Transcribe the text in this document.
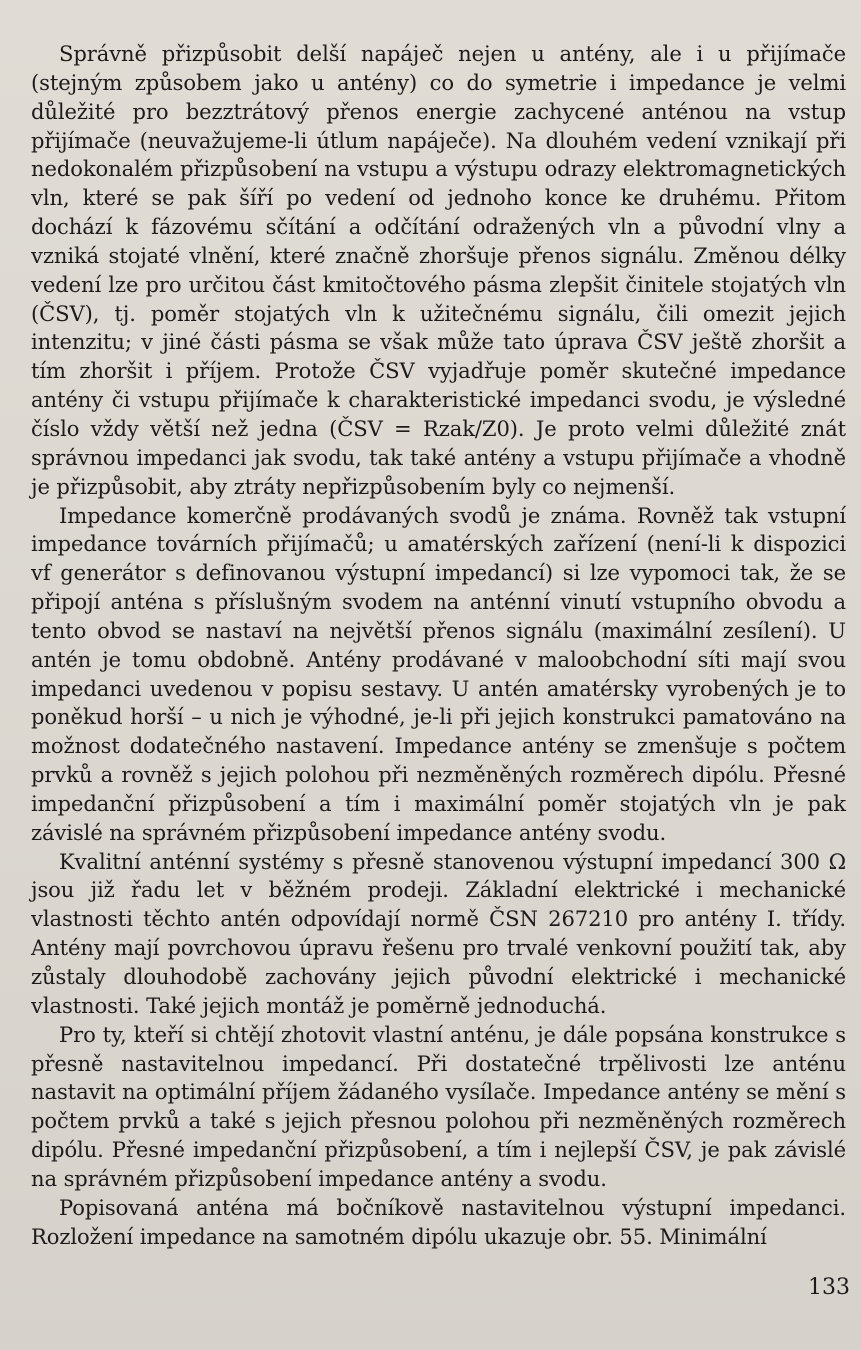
Správně přizpůsobit delší napáječ nejen u antény, ale i u přijímače (stejným způsobem jako u antény) co do symetrie i impedance je velmi důležité pro bezztrátový přenos energie zachycené anténou na vstup přijímače (neuvažujeme-li útlum napáječe). Na dlouhém vedení vznikají při nedokonalém přizpůsobení na vstupu a výstupu odrazy elektromagnetických vln, které se pak šíří po vedení od jednoho konce ke druhému. Přitom dochází k fázovému sčítání a odčítání odražených vln a původní vlny a vzniká stojaté vlnění, které značně zhoršuje přenos signálu. Změnou délky vedení lze pro určitou část kmitočtového pásma zlepšit činitele stojatých vln (ČSV), tj. poměr stojatých vln k užitečnému signálu, čili omezit jejich intenzitu; v jiné části pásma se však může tato úprava ČSV ještě zhoršit a tím zhoršit i příjem. Protože ČSV vyjadřuje poměr skutečné impedance antény či vstupu přijímače k charakteristické impedanci svodu, je výsledné číslo vždy větší než jedna (ČSV = Rzak/Z0). Je proto velmi důležité znát správnou impedanci jak svodu, tak také antény a vstupu přijímače a vhodně je přizpůsobit, aby ztráty nepřizpůsobením byly co nejmenší.

Impedance komerčně prodávaných svodů je známa. Rovněž tak vstupní impedance továrních přijímačů; u amatérských zařízení (není-li k dispozici vf generátor s definovanou výstupní impedancí) si lze vypomoci tak, že se připojí anténa s příslušným svodem na anténní vinutí vstupního obvodu a tento obvod se nastaví na největší přenos signálu (maximální zesílení). U antén je tomu obdobně. Antény prodávané v maloobchodní síti mají svou impedanci uvedenou v popisu sestavy. U antén amatérsky vyrobených je to poněkud horší – u nich je výhodné, je-li při jejich konstrukci pamatováno na možnost dodatečného nastavení. Impedance antény se zmenšuje s počtem prvků a rovněž s jejich polohou při nezměněných rozměrech dipólu. Přesné impedanční přizpůsobení a tím i maximální poměr stojatých vln je pak závislé na správném přizpůsobení impedance antény svodu.

Kvalitní anténní systémy s přesně stanovenou výstupní impedancí 300 Ω jsou již řadu let v běžném prodeji. Základní elektrické i mechanické vlastnosti těchto antén odpovídají normě ČSN 267210 pro antény I. třídy. Antény mají povrchovou úpravu řešenu pro trvalé venkovní použití tak, aby zůstaly dlouhodobě zachovány jejich původní elektrické i mechanické vlastnosti. Také jejich montáž je poměrně jednoduchá.

Pro ty, kteří si chtějí zhotovit vlastní anténu, je dále popsána konstrukce s přesně nastavitelnou impedancí. Při dostatečné trpělivosti lze anténu nastavit na optimální příjem žádaného vysílače. Impedance antény se mění s počtem prvků a také s jejich přesnou polohou při nezměněných rozměrech dipólu. Přesné impedanční přizpůsobení, a tím i nejlepší ČSV, je pak závislé na správném přizpůsobení impedance antény a svodu.

Popisovaná anténa má bočníkově nastavitelnou výstupní impedanci. Rozložení impedance na samotném dipólu ukazuje obr. 55. Minimální

133
